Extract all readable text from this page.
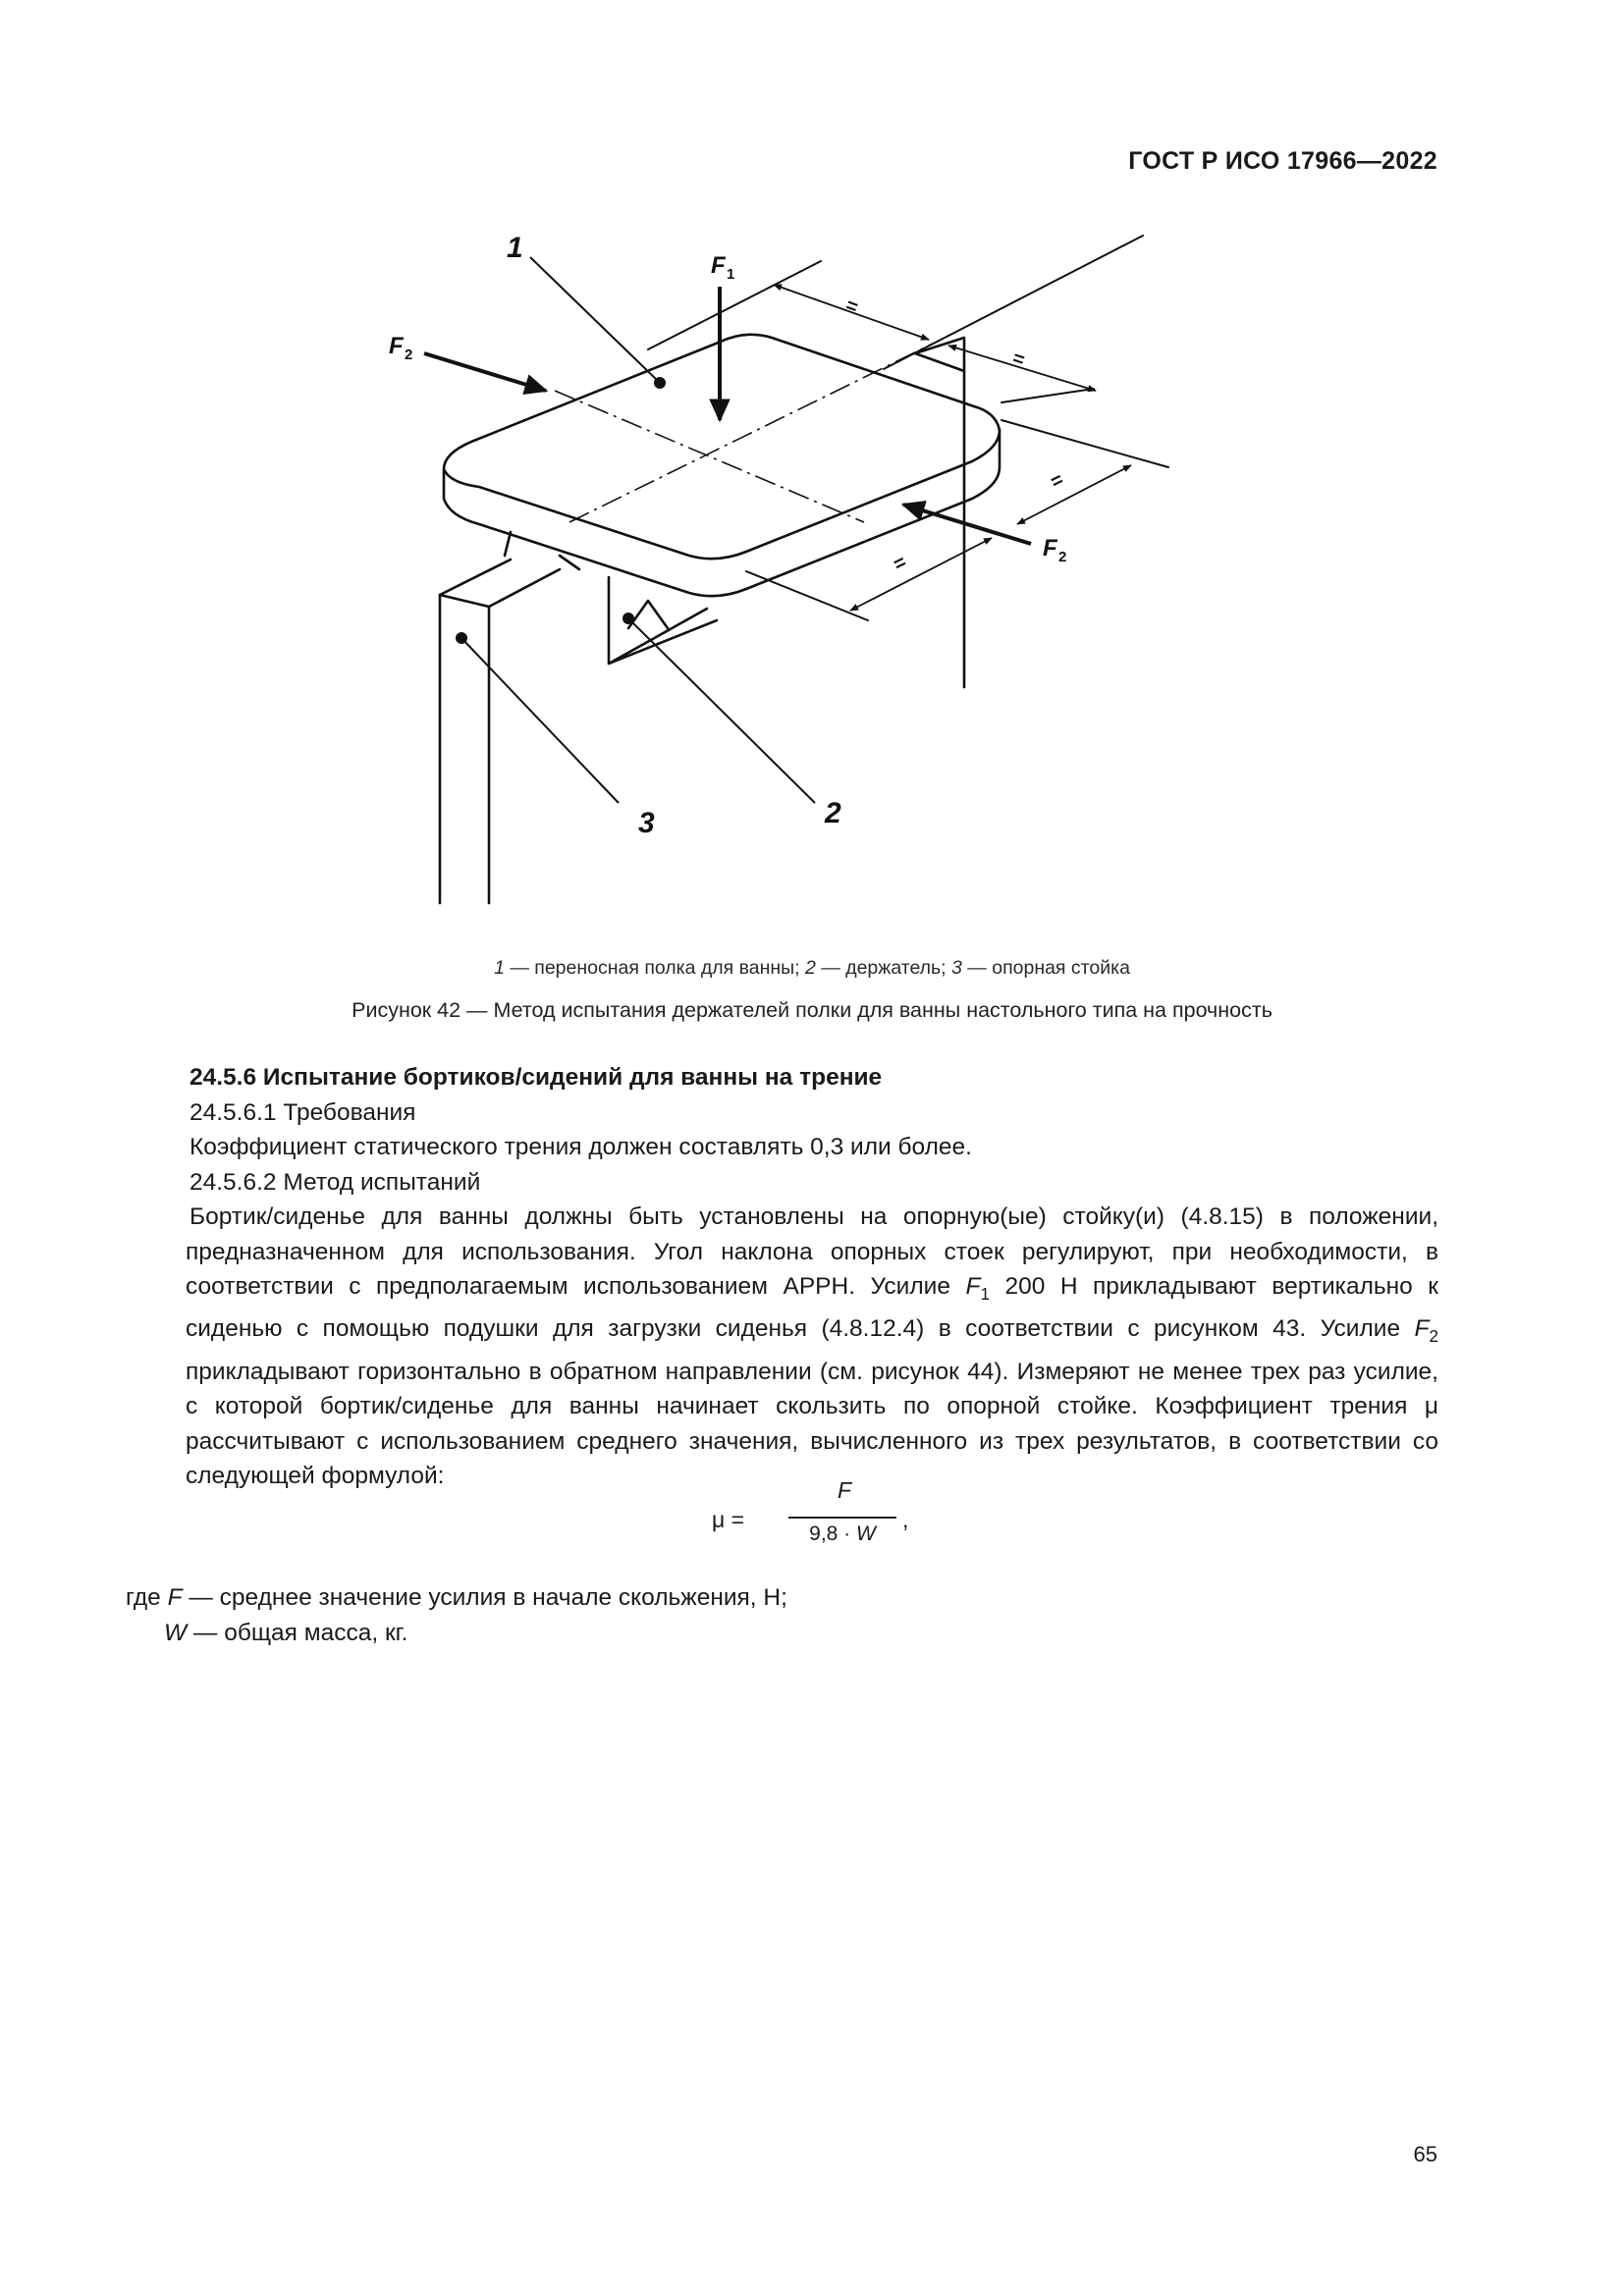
ГОСТ Р ИСО 17966—2022
=
=
=
=
1
2
3
F 1
F 2
F 2
1 — переносная полка для ванны; 2 — держатель; 3 — опорная стойка
Рисунок 42 — Метод испытания держателей полки для ванны настольного типа на прочность

24.5.6 Испытание бортиков/сидений для ванны на трение

24.5.6.1 Требования

Коэффициент статического трения должен составлять 0,3 или более.

24.5.6.2 Метод испытаний

Бортик/сиденье для ванны должны быть установлены на опорную(ые) стойку(и) (4.8.15) в положении, предназначенном для использования. Угол наклона опорных стоек регулируют, при необходимости, в соответствии с предполагаемым использованием АРРН. Усилие $F_1$ 200 Н прикладывают вертикально к сиденью с помощью подушки для загрузки сиденья (4.8.12.4) в соответствии с рисунком 43. Усилие $F_2$ прикладывают горизонтально в обратном направлении (см. рисунок 44). Измеряют не менее трех раз усилие, с которой бортик/сиденье для ванны начинает скользить по опорной стойке. Коэффициент трения μ рассчитывают с использованием среднего значения, вычисленного из трех результатов, в соответствии со следующей формулой:

μ =
F
9,8 · W
,
где F — среднее значение усилия в начале скольжения, Н;
W — общая масса, кг.
65
